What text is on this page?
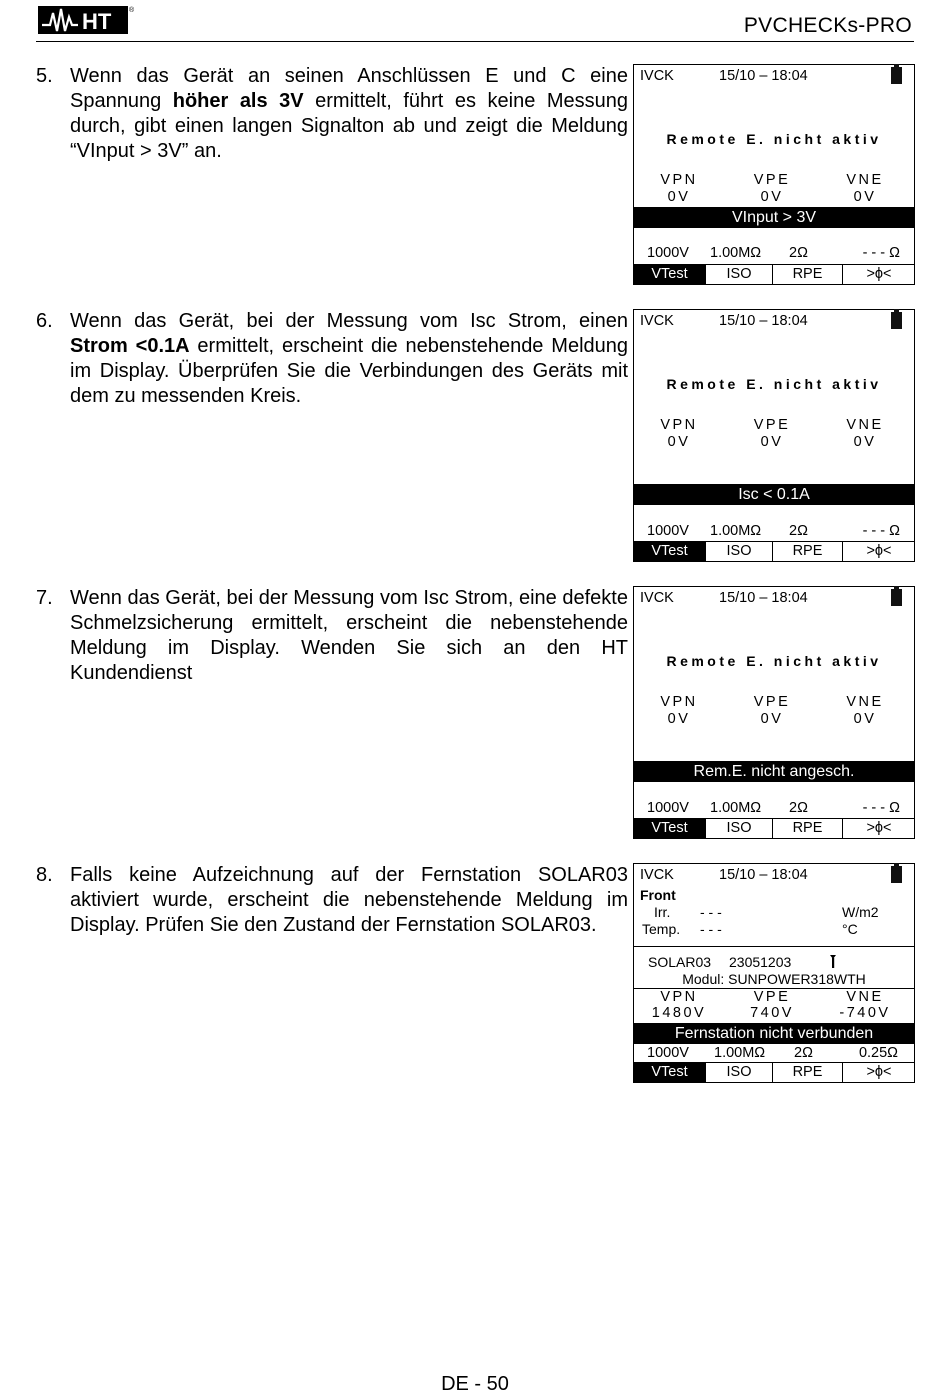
HT	®
PVCHECKs-PRO
5. Wenn das Gerät an seinen Anschlüssen E und C eine Spannung höher als 3V ermittelt, führt es keine Messung durch, gibt einen langen Signalton ab und zeigt die Meldung “VInput > 3V” an.
6. Wenn das Gerät, bei der Messung vom Isc Strom, einen Strom <0.1A ermittelt, erscheint die nebenstehende Meldung im Display. Überprüfen Sie die Verbindungen des Geräts mit dem zu messenden Kreis.
7. Wenn das Gerät, bei der Messung vom Isc Strom, eine defekte Schmelzsicherung ermittelt, erscheint die nebenstehende Meldung im Display. Wenden Sie sich an den HT Kundendienst
8. Falls keine Aufzeichnung auf der Fernstation SOLAR03 aktiviert wurde, erscheint die nebenstehende Meldung im Display. Prüfen Sie den Zustand der Fernstation SOLAR03.
IVCK	15/10 – 18:04
Remote E. nicht aktiv
VPN	VPE	VNE
0V	0V	0V
VInput > 3V
1000V 1.00MΩ 2Ω	- - - Ω
VTest	ISO	RPE	>ϕ<
IVCK	15/10 – 18:04
Remote E. nicht aktiv
VPN	VPE	VNE
0V	0V	0V
Isc < 0.1A
1000V 1.00MΩ 2Ω	- - - Ω
VTest	ISO	RPE	>ϕ<
IVCK	15/10 – 18:04
Remote E. nicht aktiv
VPN	VPE	VNE
0V	0V	0V
Rem.E. nicht angesch.
1000V 1.00MΩ 2Ω	- - - Ω
VTest	ISO	RPE	>ϕ<
IVCK	15/10 – 18:04
Front
Irr. - - -	W/m2
Temp. - - -	°C
SOLAR03 23051203
Modul: SUNPOWER318WTH
VPN	VPE	VNE
1480V	740V	-740V
Fernstation nicht verbunden
1000V 1.00MΩ 2Ω	0.25Ω
VTest	ISO	RPE	>ϕ<
DE - 50
